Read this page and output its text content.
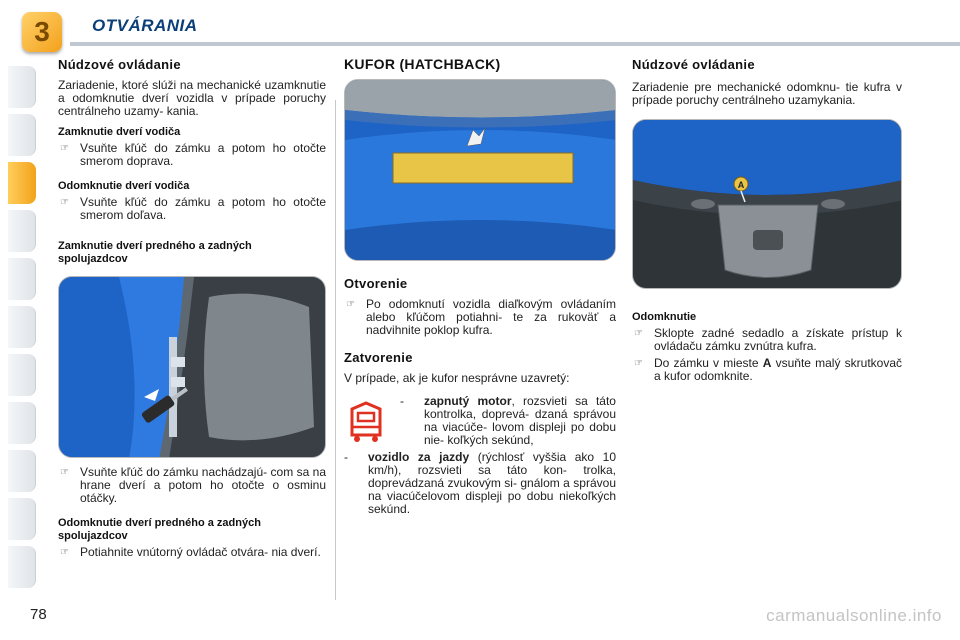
3	OTVÁRANIA
Núdzové ovládanie

Zariadenie, ktoré slúži na mechanické uzamknutie a odomknutie dverí vozidla v prípade poruchy centrálneho uzamy- kania.

Zamknutie dverí vodiča
☞ Vsuňte kľúč do zámku a potom ho otočte smerom doprava.
Odomknutie dverí vodiča
☞ Vsuňte kľúč do zámku a potom ho otočte smerom doľava.
Zamknutie dverí predného a zadných spolujazdcov
☞ Vsuňte kľúč do zámku nachádzajú- com sa na hrane dverí a potom ho otočte o osminu otáčky.
Odomknutie dverí predného a zadných spolujazdcov
☞ Potiahnite vnútorný ovládač otvára- nia dverí.
KUFOR (HATCHBACK)
Otvorenie
☞ Po odomknutí vozidla diaľkovým ovládaním alebo kľúčom potiahni- te za rukoväť a nadvihnite poklop kufra.
Zatvorenie

V prípade, ak je kufor nesprávne uzavretý:

-	zapnutý motor, rozsvieti sa táto kontrolka, doprevá- dzaná správou na viacúče- lovom displeji po dobu nie- koľkých sekúnd,
-	vozidlo za jazdy (rýchlosť vyššia ako 10 km/h), rozsvieti sa táto kon- trolka, doprevádzaná zvukovým si- gnálom a správou na viacúčelovom displeji po dobu niekoľkých sekúnd.
Núdzové ovládanie

Zariadenie pre mechanické odomknu- tie kufra v prípade poruchy centrálneho uzamykania.

A
Odomknutie
☞ Sklopte zadné sedadlo a získate prístup k ovládaču zámku zvnútra kufra.
☞ Do zámku v mieste A vsuňte malý skrutkovač a kufor odomknite.
78	carmanualsonline.info
